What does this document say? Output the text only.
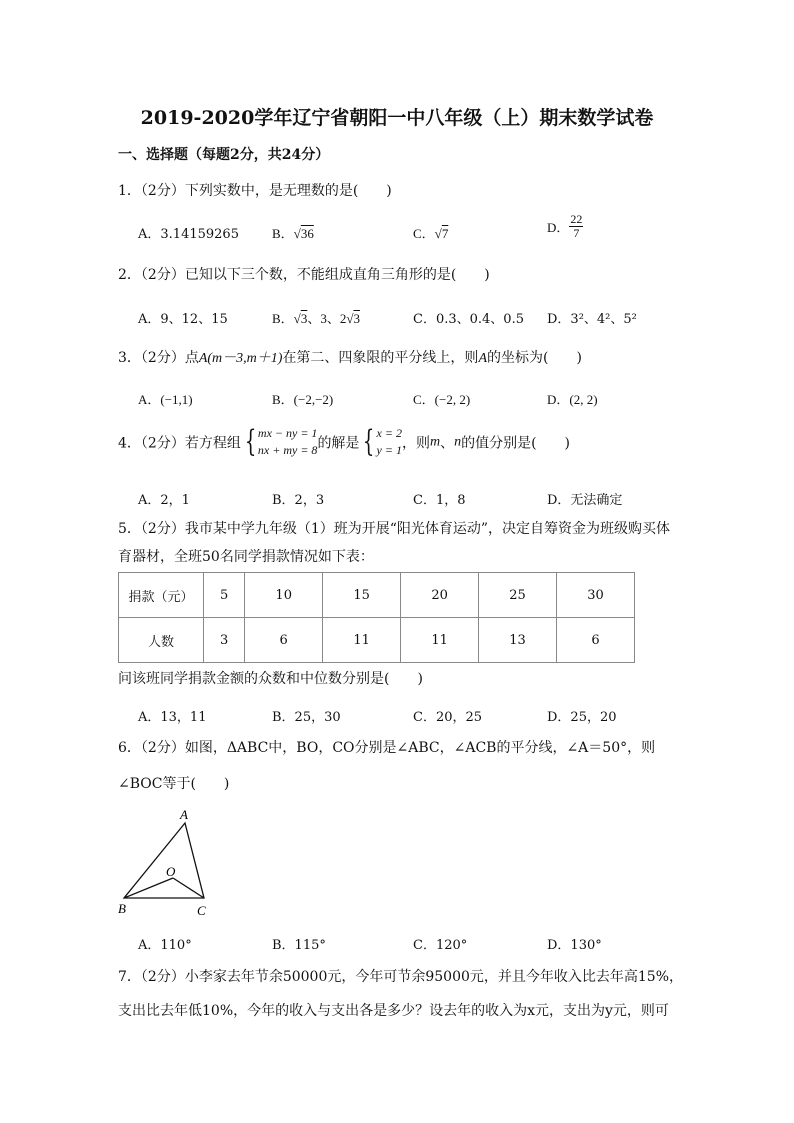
2019-2020学年辽宁省朝阳一中八年级（上）期末数学试卷
一、选择题（每题2分，共24分）
1．（2分）下列实数中，是无理数的是(　　)
A．3.14159265	B．√36	C．√7	D． $\frac{22}{7}$
2．（2分）已知以下三个数，不能组成直角三角形的是(　　)
A．9、12、15	B．√3、3、2√3	C．0.3、0.4、0.5 D．3²、4²、5²
3．（2分）点A(m－3,m＋1)在第二、四象限的平分线上，则A的坐标为(　　)
A．(−1,1)	B．(−2,−2)	C．(−2, 2)	D．(2, 2)
4．（2分）若方程组 { mx − ny = 1
nx + my = 8 的解是 { x = 2
y = 1 ，则m、n的值分别是(　　)
A．2，1	B．2，3	C．1，8	D．无法确定
5．（2分）我市某中学九年级（1）班为开展“阳光体育运动”，决定自筹资金为班级购买体
育器材，全班50名同学捐款情况如下表：
捐款（元）	5	10	15	20	25	30
人数	3	6	11	11	13	6
问该班同学捐款金额的众数和中位数分别是(　　)
A．13，11	B．25，30	C．20，25	D．25，20
6．（2分）如图，ΔABC中，BO，CO分别是∠ABC，∠ACB的平分线，∠A＝50°，则
∠BOC等于(　　)
A
O
B	C
A．110°	B．115°	C．120°	D．130°
7．（2分）小李家去年节余50000元，今年可节余95000元，并且今年收入比去年高15%，
支出比去年低10%，今年的收入与支出各是多少？设去年的收入为x元，支出为y元，则可
